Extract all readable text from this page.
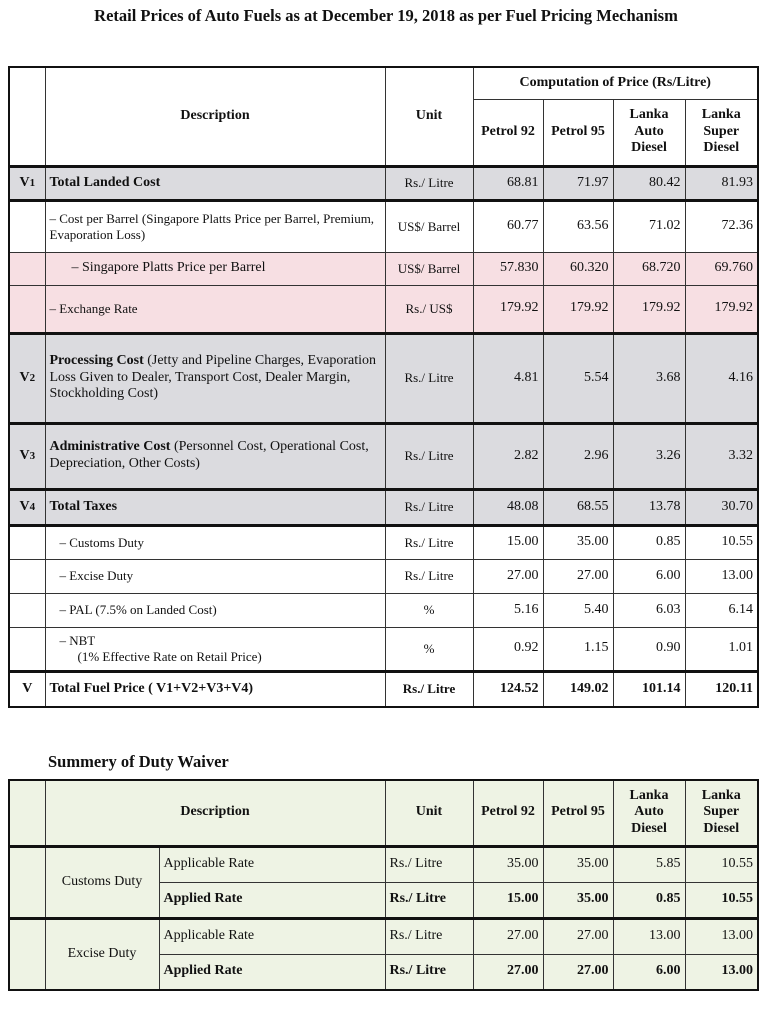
Retail Prices of Auto Fuels as at December 19, 2018 as per Fuel Pricing Mechanism
	Description	Unit	Computation of Price (Rs/Litre)			
			Petrol 92	Petrol 95	Lanka Auto Diesel	Lanka Super Diesel
V1	Total Landed Cost	Rs./ Litre	68.81	71.97	80.42	81.93
	– Cost per Barrel (Singapore Platts Price per Barrel, Premium, Evaporation Loss)	US$/ Barrel	60.77	63.56	71.02	72.36
	– Singapore Platts Price per Barrel	US$/ Barrel	57.830	60.320	68.720	69.760
	– Exchange Rate	Rs./ US$	179.92	179.92	179.92	179.92
V2	Processing Cost (Jetty and Pipeline Charges, Evaporation Loss Given to Dealer, Transport Cost, Dealer Margin, Stockholding Cost)	Rs./ Litre	4.81	5.54	3.68	4.16
V3	Administrative Cost (Personnel Cost, Operational Cost, Depreciation, Other Costs)	Rs./ Litre	2.82	2.96	3.26	3.32
V4	Total Taxes	Rs./ Litre	48.08	68.55	13.78	30.70
	– Customs Duty	Rs./ Litre	15.00	35.00	0.85	10.55
	– Excise Duty	Rs./ Litre	27.00	27.00	6.00	13.00
	– PAL (7.5% on Landed Cost)	%	5.16	5.40	6.03	6.14
	– NBT
(1% Effective Rate on Retail Price)	%	0.92	1.15	0.90	1.01
V	Total Fuel Price ( V1+V2+V3+V4)	Rs./ Litre	124.52	149.02	101.14	120.11
Summery of Duty Waiver
	Description		Unit	Petrol 92	Petrol 95	Lanka Auto Diesel	Lanka Super Diesel
	Customs Duty	Applicable Rate	Rs./ Litre	35.00	35.00	5.85	10.55
		Applied Rate	Rs./ Litre	15.00	35.00	0.85	10.55
	Excise Duty	Applicable Rate	Rs./ Litre	27.00	27.00	13.00	13.00
		Applied Rate	Rs./ Litre	27.00	27.00	6.00	13.00
